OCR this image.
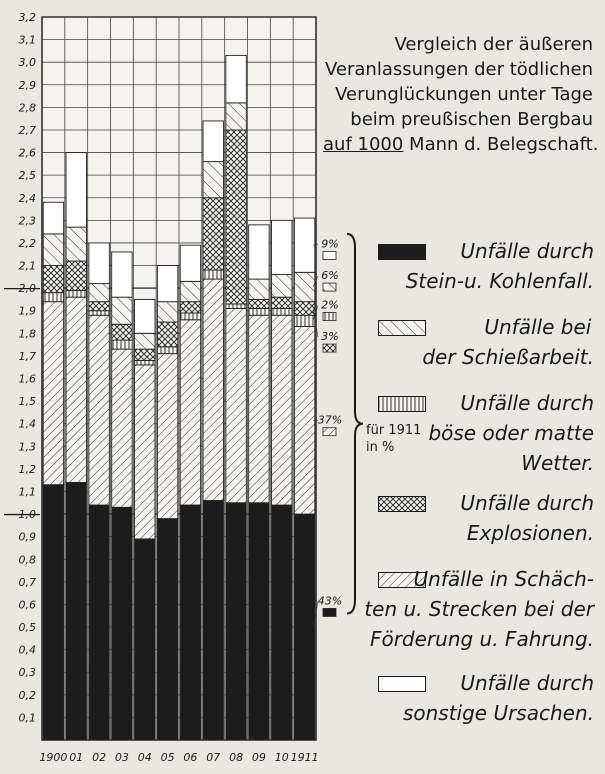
0,1
0,2
0,3
0,4
0,5
0,6
0,7
0,8
0,9
1,0
1,1
1,2
1,3
1,4
1,5
1,6
1,7
1,8
1,9
2,0
2,1
2,2
2,3
2,4
2,5
2,6
2,7
2,8
2,9
3,0
3,1
3,2
1900 01 02 03 04 05 06 07 08 09 10 1911
9%
6%
2%
3%
37%
43%
Vergleich der äußeren
Veranlassungen der tödlichen
Verunglückungen unter Tage
beim preußischen Bergbau
auf 1000 Mann d. Belegschaft.
für 1911
in %
Unfälle durch
Stein-u. Kohlenfall.
Unfälle bei
der Schießarbeit.
Unfälle durch
böse oder matte
Wetter.
Unfälle durch
Explosionen.
Unfälle in Schäch-
ten u. Strecken bei der
Förderung u. Fahrung.
Unfälle durch
sonstige Ursachen.
